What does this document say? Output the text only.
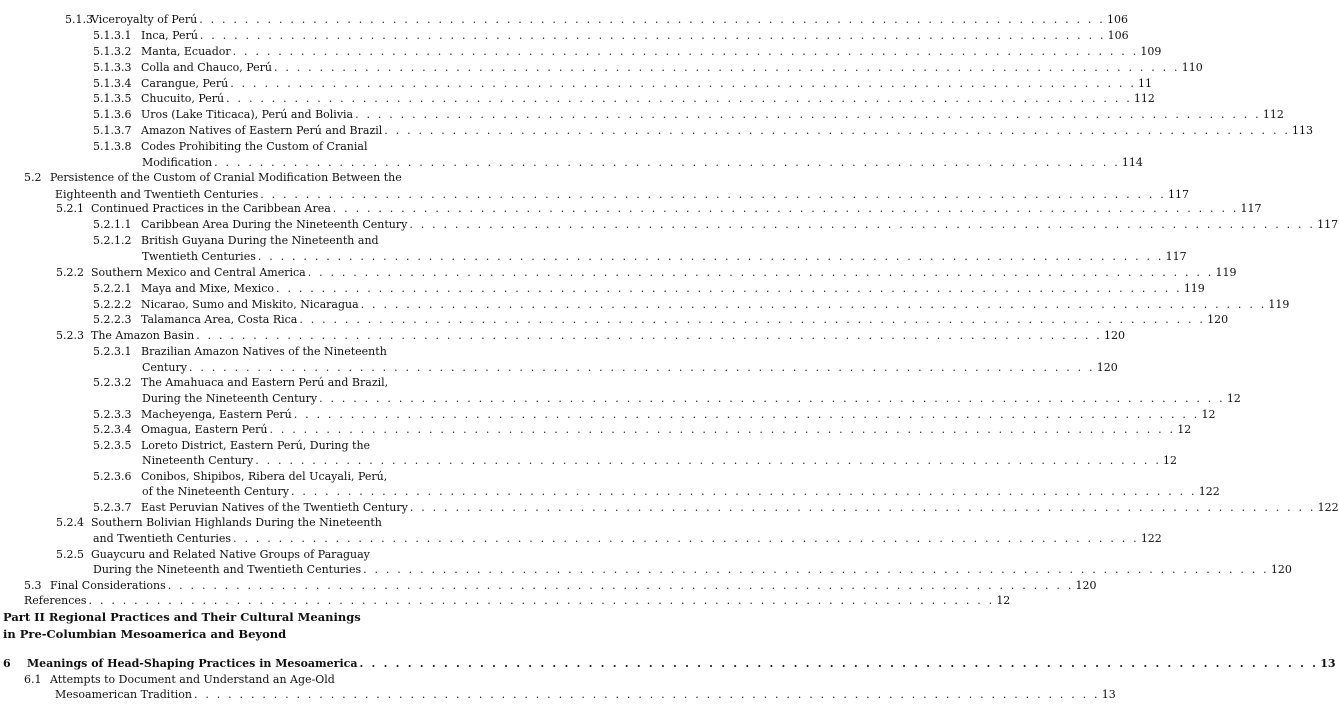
Part II Regional Practices and Their Cultural Meanings
in Pre-Columbian Mesoamerica and Beyond
5.1.3
Viceroyalty of Perú . . . . . . . . . . . . . . . . . . . . . . . . . . . . . . . . . . . . . . . . . . . . . . . . . . . . . . . . . . . . . . . . . . . . . . . . . . . . . . . . 106
5.1.3.1 Inca, Perú . . . . . . . . . . . . . . . . . . . . . . . . . . . . . . . . . . . . . . . . . . . . . . . . . . . . . . . . . . . . . . . . . . . . . . . . . . . . . . . . 106
5.1.3.2 Manta, Ecuador . . . . . . . . . . . . . . . . . . . . . . . . . . . . . . . . . . . . . . . . . . . . . . . . . . . . . . . . . . . . . . . . . . . . . . . . . . . . . . . . 109
5.1.3.3 Colla and Chauco, Perú . . . . . . . . . . . . . . . . . . . . . . . . . . . . . . . . . . . . . . . . . . . . . . . . . . . . . . . . . . . . . . . . . . . . . . . . . . . . . . . . 110
5.1.3.4 Carangue, Perú . . . . . . . . . . . . . . . . . . . . . . . . . . . . . . . . . . . . . . . . . . . . . . . . . . . . . . . . . . . . . . . . . . . . . . . . . . . . . . . . 11
5.1.3.5 Chucuito, Perú . . . . . . . . . . . . . . . . . . . . . . . . . . . . . . . . . . . . . . . . . . . . . . . . . . . . . . . . . . . . . . . . . . . . . . . . . . . . . . . . 112
5.1.3.6 Uros (Lake Titicaca), Perú and Bolivia . . . . . . . . . . . . . . . . . . . . . . . . . . . . . . . . . . . . . . . . . . . . . . . . . . . . . . . . . . . . . . . . . . . . . . . . . . . . . . . . 112
5.1.3.7 Amazon Natives of Eastern Perú and Brazil . . . . . . . . . . . . . . . . . . . . . . . . . . . . . . . . . . . . . . . . . . . . . . . . . . . . . . . . . . . . . . . . . . . . . . . . . . . . . . . . 113
5.1.3.8 Codes Prohibiting the Custom of Cranial
Modification . . . . . . . . . . . . . . . . . . . . . . . . . . . . . . . . . . . . . . . . . . . . . . . . . . . . . . . . . . . . . . . . . . . . . . . . . . . . . . . . 114
5.2 Persistence of the Custom of Cranial Modification Between the
Eighteenth and Twentieth Centuries . . . . . . . . . . . . . . . . . . . . . . . . . . . . . . . . . . . . . . . . . . . . . . . . . . . . . . . . . . . . . . . . . . . . . . . . . . . . . . . . 117
5.2.1 Continued Practices in the Caribbean Area . . . . . . . . . . . . . . . . . . . . . . . . . . . . . . . . . . . . . . . . . . . . . . . . . . . . . . . . . . . . . . . . . . . . . . . . . . . . . . . . 117
5.2.1.1 Caribbean Area During the Nineteenth Century . . . . . . . . . . . . . . . . . . . . . . . . . . . . . . . . . . . . . . . . . . . . . . . . . . . . . . . . . . . . . . . . . . . . . . . . . . . . . . . . 117
5.2.1.2 British Guyana During the Nineteenth and
Twentieth Centuries . . . . . . . . . . . . . . . . . . . . . . . . . . . . . . . . . . . . . . . . . . . . . . . . . . . . . . . . . . . . . . . . . . . . . . . . . . . . . . . . 117
5.2.2 Southern Mexico and Central America . . . . . . . . . . . . . . . . . . . . . . . . . . . . . . . . . . . . . . . . . . . . . . . . . . . . . . . . . . . . . . . . . . . . . . . . . . . . . . . . 119
5.2.2.1 Maya and Mixe, Mexico . . . . . . . . . . . . . . . . . . . . . . . . . . . . . . . . . . . . . . . . . . . . . . . . . . . . . . . . . . . . . . . . . . . . . . . . . . . . . . . . 119
5.2.2.2 Nicarao, Sumo and Miskito, Nicaragua . . . . . . . . . . . . . . . . . . . . . . . . . . . . . . . . . . . . . . . . . . . . . . . . . . . . . . . . . . . . . . . . . . . . . . . . . . . . . . . . 119
5.2.2.3 Talamanca Area, Costa Rica . . . . . . . . . . . . . . . . . . . . . . . . . . . . . . . . . . . . . . . . . . . . . . . . . . . . . . . . . . . . . . . . . . . . . . . . . . . . . . . . 120
5.2.3 The Amazon Basin . . . . . . . . . . . . . . . . . . . . . . . . . . . . . . . . . . . . . . . . . . . . . . . . . . . . . . . . . . . . . . . . . . . . . . . . . . . . . . . . 120
5.2.3.1 Brazilian Amazon Natives of the Nineteenth
Century . . . . . . . . . . . . . . . . . . . . . . . . . . . . . . . . . . . . . . . . . . . . . . . . . . . . . . . . . . . . . . . . . . . . . . . . . . . . . . . . 120
5.2.3.2 The Amahuaca and Eastern Perú and Brazil,
During the Nineteenth Century . . . . . . . . . . . . . . . . . . . . . . . . . . . . . . . . . . . . . . . . . . . . . . . . . . . . . . . . . . . . . . . . . . . . . . . . . . . . . . . . 12
5.2.3.3 Macheyenga, Eastern Perú . . . . . . . . . . . . . . . . . . . . . . . . . . . . . . . . . . . . . . . . . . . . . . . . . . . . . . . . . . . . . . . . . . . . . . . . . . . . . . . . 12
5.2.3.4 Omagua, Eastern Perú . . . . . . . . . . . . . . . . . . . . . . . . . . . . . . . . . . . . . . . . . . . . . . . . . . . . . . . . . . . . . . . . . . . . . . . . . . . . . . . . 12
5.2.3.5 Loreto District, Eastern Perú, During the
Nineteenth Century . . . . . . . . . . . . . . . . . . . . . . . . . . . . . . . . . . . . . . . . . . . . . . . . . . . . . . . . . . . . . . . . . . . . . . . . . . . . . . . . 12
5.2.3.6 Conibos, Shipibos, Ribera del Ucayali, Perú,
of the Nineteenth Century . . . . . . . . . . . . . . . . . . . . . . . . . . . . . . . . . . . . . . . . . . . . . . . . . . . . . . . . . . . . . . . . . . . . . . . . . . . . . . . . 122
5.2.3.7 East Peruvian Natives of the Twentieth Century . . . . . . . . . . . . . . . . . . . . . . . . . . . . . . . . . . . . . . . . . . . . . . . . . . . . . . . . . . . . . . . . . . . . . . . . . . . . . . . . 122
5.2.4 Southern Bolivian Highlands During the Nineteenth
and Twentieth Centuries . . . . . . . . . . . . . . . . . . . . . . . . . . . . . . . . . . . . . . . . . . . . . . . . . . . . . . . . . . . . . . . . . . . . . . . . . . . . . . . . 122
5.2.5 Guaycuru and Related Native Groups of Paraguay
During the Nineteenth and Twentieth Centuries . . . . . . . . . . . . . . . . . . . . . . . . . . . . . . . . . . . . . . . . . . . . . . . . . . . . . . . . . . . . . . . . . . . . . . . . . . . . . . . . 120
5.3 Final Considerations . . . . . . . . . . . . . . . . . . . . . . . . . . . . . . . . . . . . . . . . . . . . . . . . . . . . . . . . . . . . . . . . . . . . . . . . . . . . . . . . 120
References . . . . . . . . . . . . . . . . . . . . . . . . . . . . . . . . . . . . . . . . . . . . . . . . . . . . . . . . . . . . . . . . . . . . . . . . . . . . . . . . 12
6	Meanings of Head-Shaping Practices in Mesoamerica . . . . . . . . . . . . . . . . . . . . . . . . . . . . . . . . . . . . . . . . . . . . . . . . . . . . . . . . . . . . . . . . . . . . . . . . . . . . . . . . 13
6.1 Attempts to Document and Understand an Age-Old
Mesoamerican Tradition . . . . . . . . . . . . . . . . . . . . . . . . . . . . . . . . . . . . . . . . . . . . . . . . . . . . . . . . . . . . . . . . . . . . . . . . . . . . . . . . 13
